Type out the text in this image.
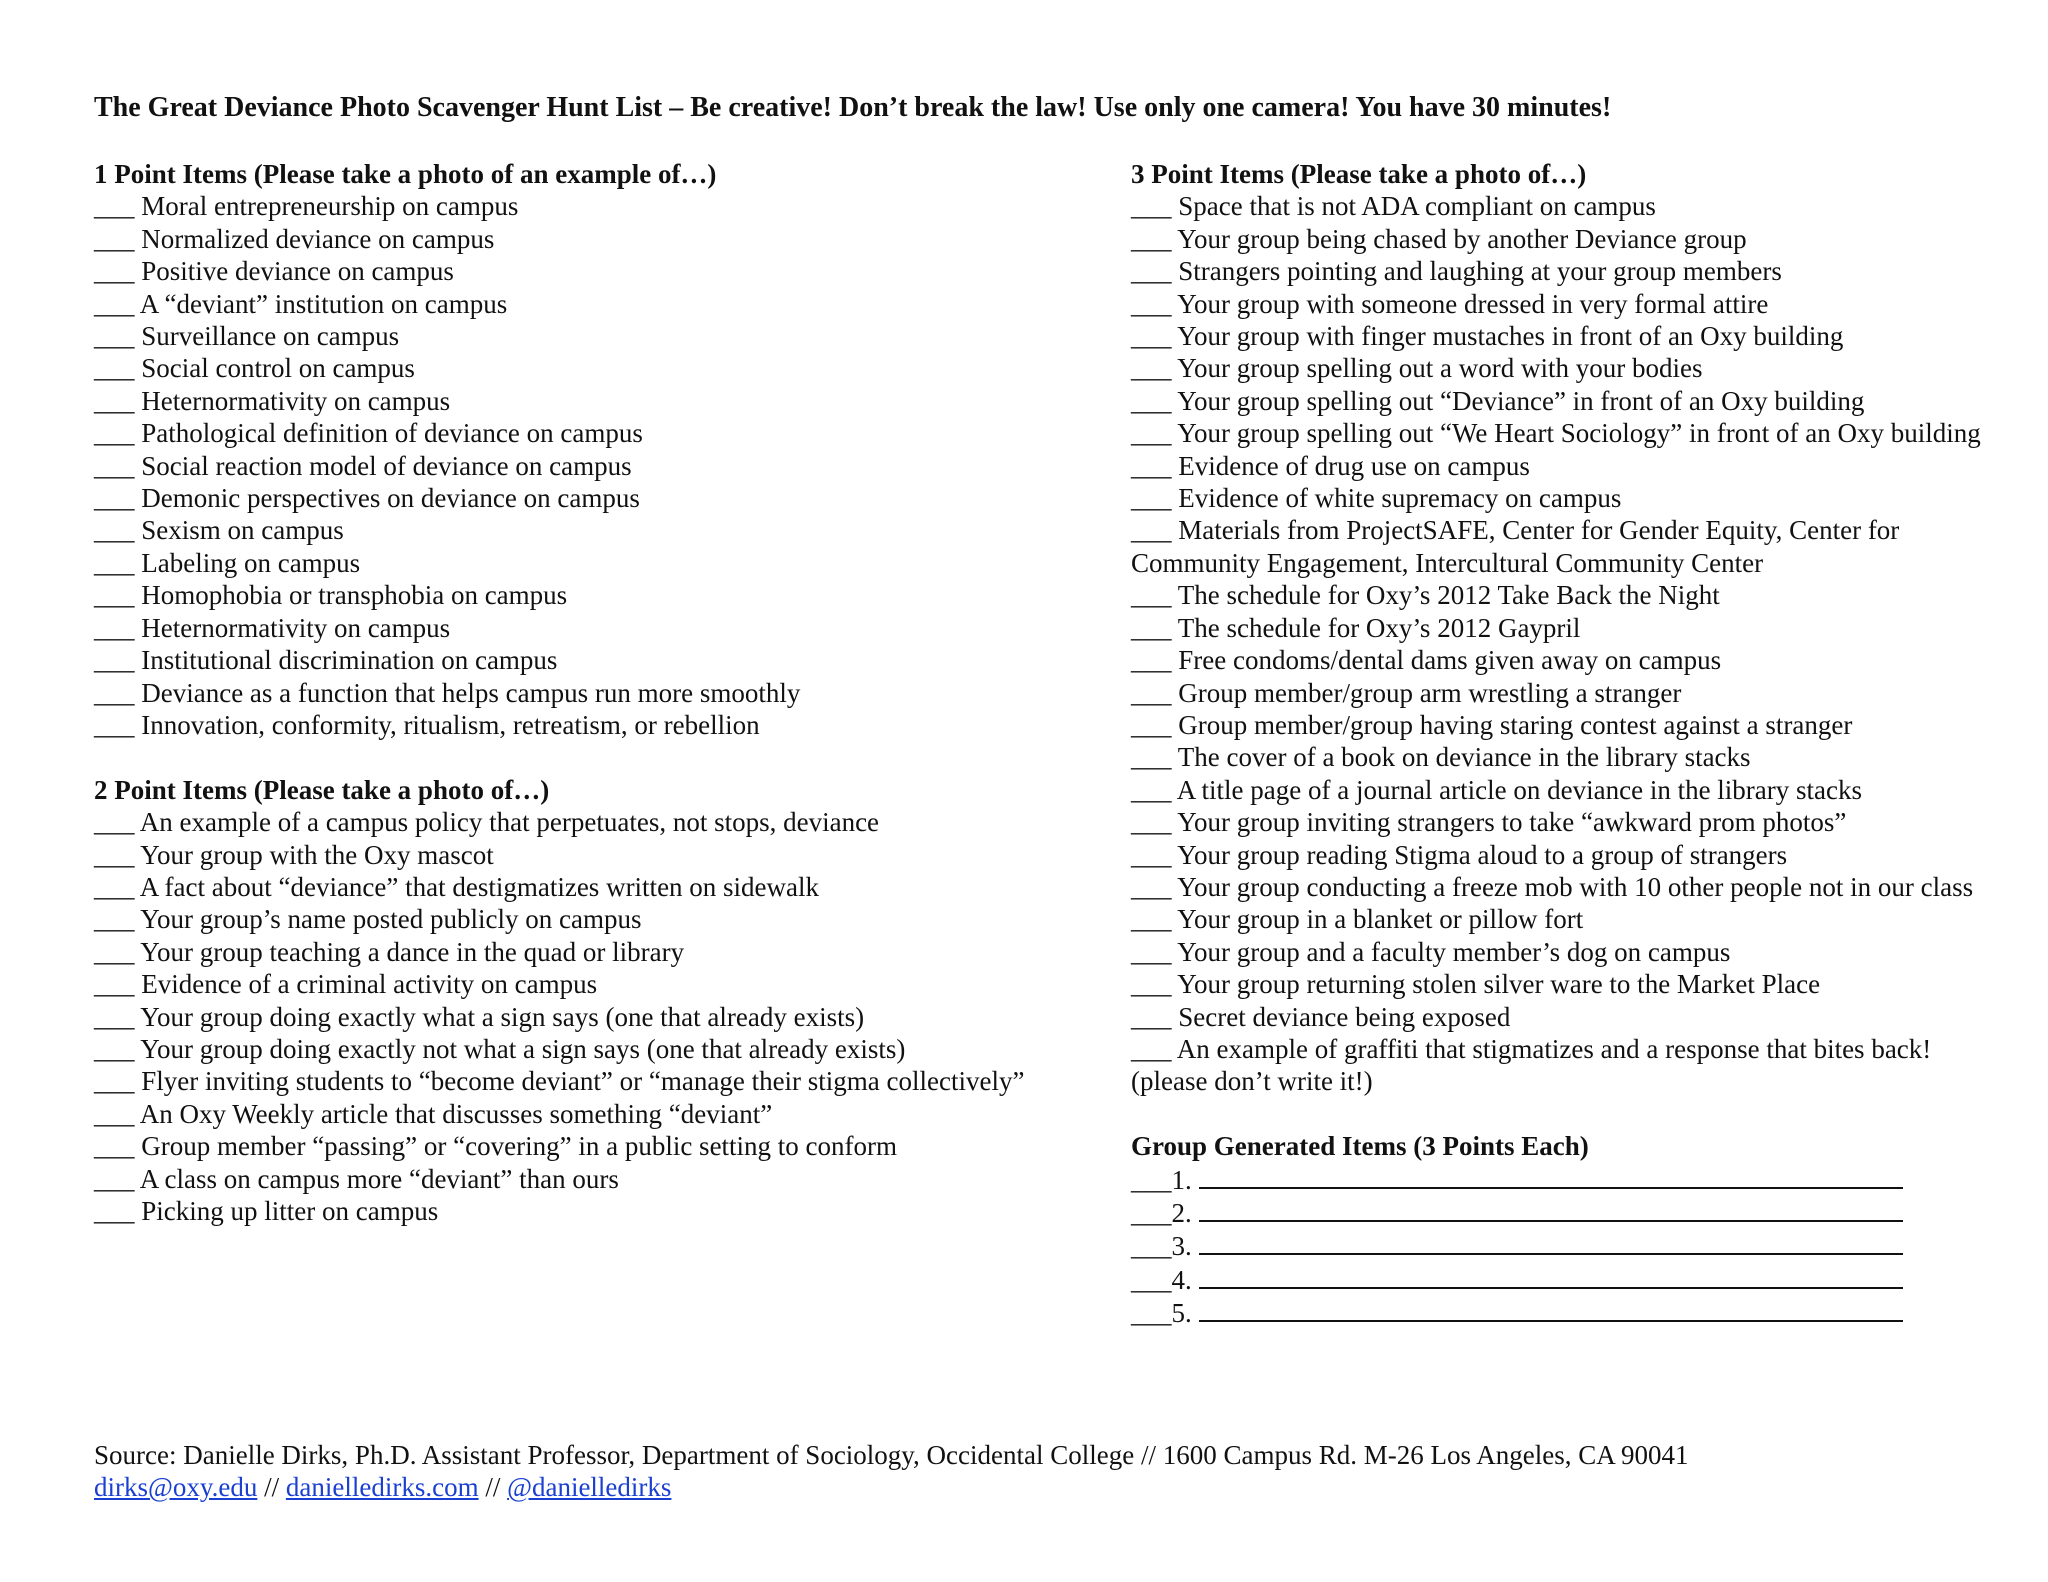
The Great Deviance Photo Scavenger Hunt List – Be creative! Don’t break the law! Use only one camera! You have 30 minutes!
1 Point Items (Please take a photo of an example of…)
___ Moral entrepreneurship on campus
___ Normalized deviance on campus
___ Positive deviance on campus
___ A “deviant” institution on campus
___ Surveillance on campus
___ Social control on campus
___ Heternormativity on campus
___ Pathological definition of deviance on campus
___ Social reaction model of deviance on campus
___ Demonic perspectives on deviance on campus
___ Sexism on campus
___ Labeling on campus
___ Homophobia or transphobia on campus
___ Heternormativity on campus
___ Institutional discrimination on campus
___ Deviance as a function that helps campus run more smoothly
___ Innovation, conformity, ritualism, retreatism, or rebellion
2 Point Items (Please take a photo of…)
___ An example of a campus policy that perpetuates, not stops, deviance
___ Your group with the Oxy mascot
___ A fact about “deviance” that destigmatizes written on sidewalk
___ Your group’s name posted publicly on campus
___ Your group teaching a dance in the quad or library
___ Evidence of a criminal activity on campus
___ Your group doing exactly what a sign says (one that already exists)
___ Your group doing exactly not what a sign says (one that already exists)
___ Flyer inviting students to “become deviant” or “manage their stigma collectively”
___ An Oxy Weekly article that discusses something “deviant”
___ Group member “passing” or “covering” in a public setting to conform
___ A class on campus more “deviant” than ours
___ Picking up litter on campus
3 Point Items (Please take a photo of…)
___ Space that is not ADA compliant on campus
___ Your group being chased by another Deviance group
___ Strangers pointing and laughing at your group members
___ Your group with someone dressed in very formal attire
___ Your group with finger mustaches in front of an Oxy building
___ Your group spelling out a word with your bodies
___ Your group spelling out “Deviance” in front of an Oxy building
___ Your group spelling out “We Heart Sociology” in front of an Oxy building
___ Evidence of drug use on campus
___ Evidence of white supremacy on campus
___ Materials from ProjectSAFE, Center for Gender Equity, Center for Community Engagement, Intercultural Community Center
___ The schedule for Oxy’s 2012 Take Back the Night
___ The schedule for Oxy’s 2012 Gaypril
___ Free condoms/dental dams given away on campus
___ Group member/group arm wrestling a stranger
___ Group member/group having staring contest against a stranger
___ The cover of a book on deviance in the library stacks
___ A title page of a journal article on deviance in the library stacks
___ Your group inviting strangers to take “awkward prom photos”
___ Your group reading Stigma aloud to a group of strangers
___ Your group conducting a freeze mob with 10 other people not in our class
___ Your group in a blanket or pillow fort
___ Your group and a faculty member’s dog on campus
___ Your group returning stolen silver ware to the Market Place
___ Secret deviance being exposed
___ An example of graffiti that stigmatizes and a response that bites back! (please don’t write it!)
Group Generated Items (3 Points Each)
___1.
___2.
___3.
___4.
___5.
Source: Danielle Dirks, Ph.D. Assistant Professor, Department of Sociology, Occidental College // 1600 Campus Rd. M-26 Los Angeles, CA 90041
dirks@oxy.edu // danielledirks.com // @danielledirks
